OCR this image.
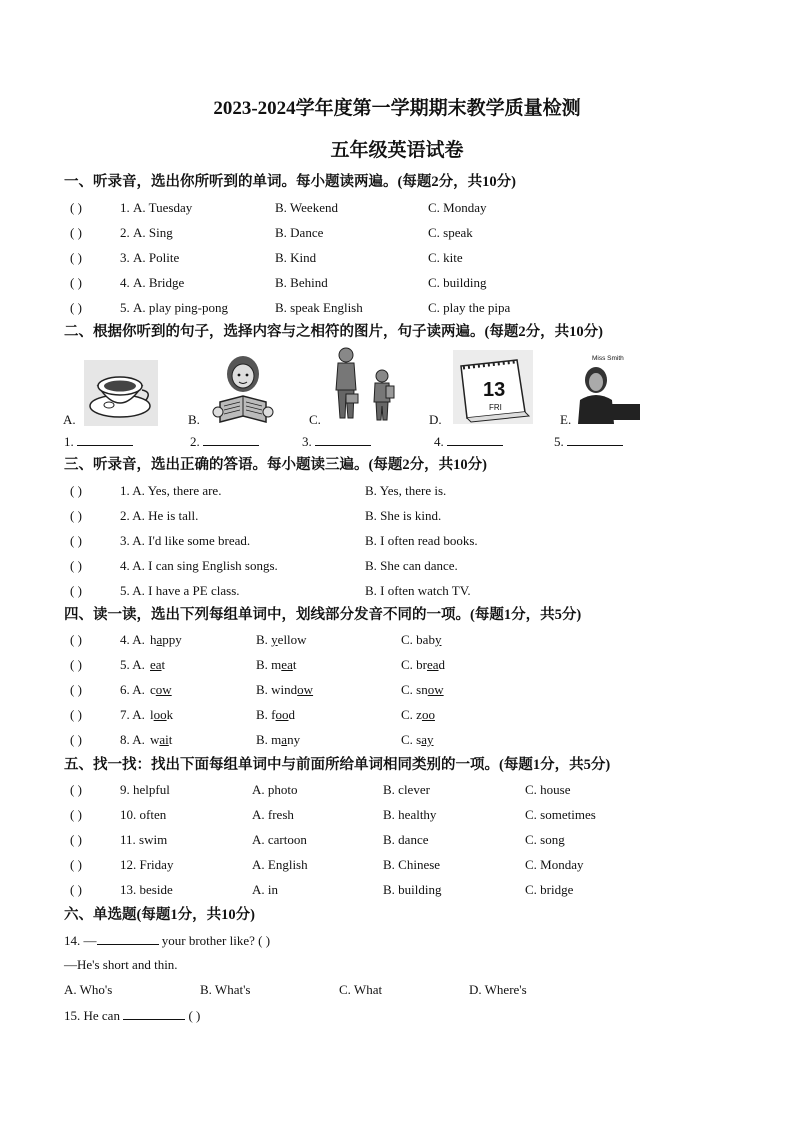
2023-2024学年度第一学期期末教学质量检测
五年级英语试卷
一、听录音，选出你所听到的单词。每小题读两遍。(每题2分，共10分)
( )	1. A. Tuesday	B. Weekend	C. Monday
( )	2. A. Sing	B. Dance	C. speak
( )	3. A. Polite	B. Kind	C. kite
( )	4. A. Bridge	B. Behind	C. building
( )	5. A. play ping-pong	B. speak English	C. play the pipa
二、根据你听到的句子，选择内容与之相符的图片，句子读两遍。(每题2分，共10分)
A.	B.	C.
13
FRI
D.
Miss Smith
E.
1.	2.	3.	4.	5.
三、听录音，选出正确的答语。每小题读三遍。(每题2分，共10分)
( )	1. A. Yes, there are.	B. Yes, there is.
( )	2. A. He is tall.	B. She is kind.
( )	3. A. I'd like some bread.	B. I often read books.
( )	4. A. I can sing English songs.	B. She can dance.
( )	5. A. I have a PE class.	B. I often watch TV.
四、读一读，选出下列每组单词中，划线部分发音不同的一项。(每题1分，共5分)
( )	4. A. happy	B. yellow	C. baby
( )	5. A. eat	B. meat	C. bread
( )	6. A. cow	B. window	C. snow
( )	7. A. look	B. food	C. zoo
( )	8. A. wait	B. many	C. say
五、找一找：找出下面每组单词中与前面所给单词相同类别的一项。(每题1分，共5分)
( )	9. helpful	A. photo	B. clever	C. house
( )	10. often	A. fresh	B. healthy	C. sometimes
( )	11. swim	A. cartoon	B. dance	C. song
( )	12. Friday	A. English	B. Chinese	C. Monday
( )	13. beside	A. in	B. building	C. bridge
六、单选题(每题1分，共10分)
14. —	your brother like? ( )
—He's short and thin.
A. Who's	B. What's	C. What	D. Where's
15. He can	( )
